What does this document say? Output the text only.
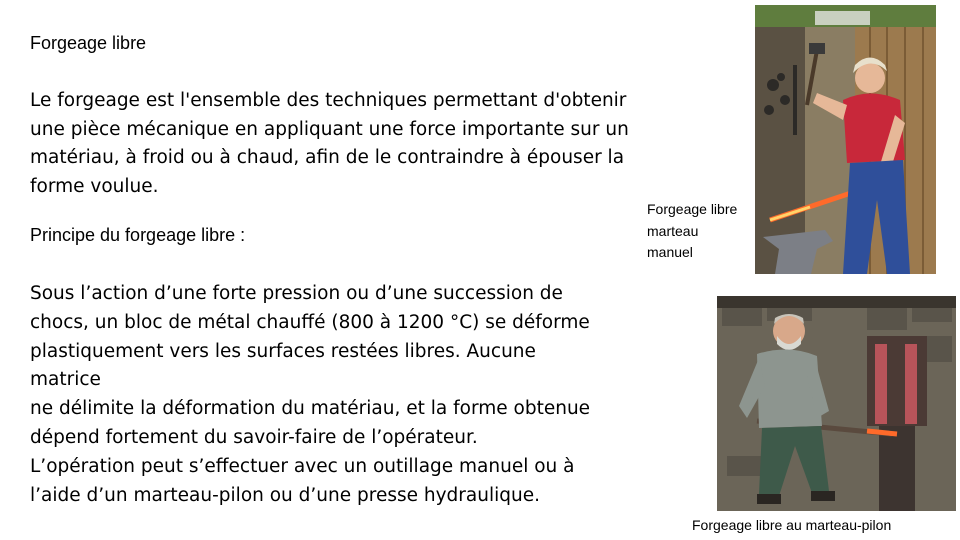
Forgeage libre
Le forgeage est l'ensemble des techniques permettant d'obtenir
une pièce mécanique en appliquant une force importante sur un
matériau, à froid ou à chaud, afin de le contraindre à épouser la
forme voulue.
Principe du forgeage libre :
Sous l’action d’une forte pression ou d’une succession de
chocs, un bloc de métal chauffé (800 à 1200 °C) se déforme
plastiquement vers les surfaces restées libres. Aucune
matrice
ne délimite la déformation du matériau, et la forme obtenue
dépend fortement du savoir-faire de l’opérateur.
L’opération peut s’effectuer avec un outillage manuel ou à
l’aide d’un marteau-pilon ou d’une presse hydraulique.
Forgeage libre
marteau
manuel
Forgeage libre au marteau-pilon
